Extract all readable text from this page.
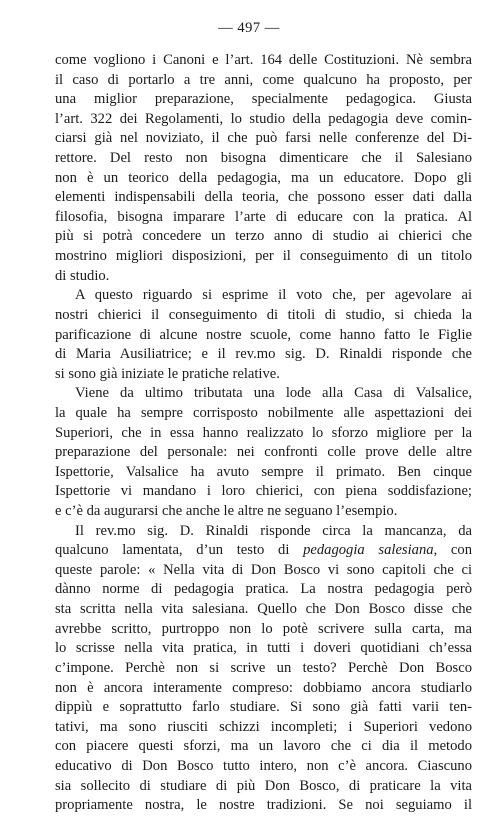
— 497 —
come vogliono i Canoni e l’art. 164 delle Costituzioni. Nè sembra
il caso di portarlo a tre anni, come qualcuno ha proposto, per
una miglior preparazione, specialmente pedagogica. Giusta
l’art. 322 dei Regolamenti, lo studio della pedagogia deve comin-
ciarsi già nel noviziato, il che può farsi nelle conferenze del Di-
rettore. Del resto non bisogna dimenticare che il Salesiano
non è un teorico della pedagogia, ma un educatore. Dopo gli
elementi indispensabili della teoria, che possono esser dati dalla
filosofia, bisogna imparare l’arte di educare con la pratica. Al
più si potrà concedere un terzo anno di studio ai chierici che
mostrino migliori disposizioni, per il conseguimento di un titolo
di studio.
A questo riguardo si esprime il voto che, per agevolare ai
nostri chierici il conseguimento di titoli di studio, si chieda la
parificazione di alcune nostre scuole, come hanno fatto le Figlie
di Maria Ausiliatrice; e il rev.mo sig. D. Rinaldi risponde che
si sono già iniziate le pratiche relative.
Viene da ultimo tributata una lode alla Casa di Valsalice,
la quale ha sempre corrisposto nobilmente alle aspettazioni dei
Superiori, che in essa hanno realizzato lo sforzo migliore per la
preparazione del personale: nei confronti colle prove delle altre
Ispettorie, Valsalice ha avuto sempre il primato. Ben cinque
Ispettorie vi mandano i loro chierici, con piena soddisfazione;
e c’è da augurarsi che anche le altre ne seguano l’esempio.
Il rev.mo sig. D. Rinaldi risponde circa la mancanza, da
qualcuno lamentata, d’un testo di pedagogia salesiana, con
queste parole: « Nella vita di Don Bosco vi sono capitoli che ci
dànno norme di pedagogia pratica. La nostra pedagogia però
sta scritta nella vita salesiana. Quello che Don Bosco disse che
avrebbe scritto, purtroppo non lo potè scrivere sulla carta, ma
lo scrisse nella vita pratica, in tutti i doveri quotidiani ch’essa
c’impone. Perchè non si scrive un testo? Perchè Don Bosco
non è ancora interamente compreso: dobbiamo ancora studiarlo
dippiù e soprattutto farlo studiare. Si sono già fatti varii ten-
tativi, ma sono riusciti schizzi incompleti; i Superiori vedono
con piacere questi sforzi, ma un lavoro che ci dia il metodo
educativo di Don Bosco tutto intero, non c’è ancora. Ciascuno
sia sollecito di studiare di più Don Bosco, di praticare la vita
propriamente nostra, le nostre tradizioni. Se noi seguiamo il
